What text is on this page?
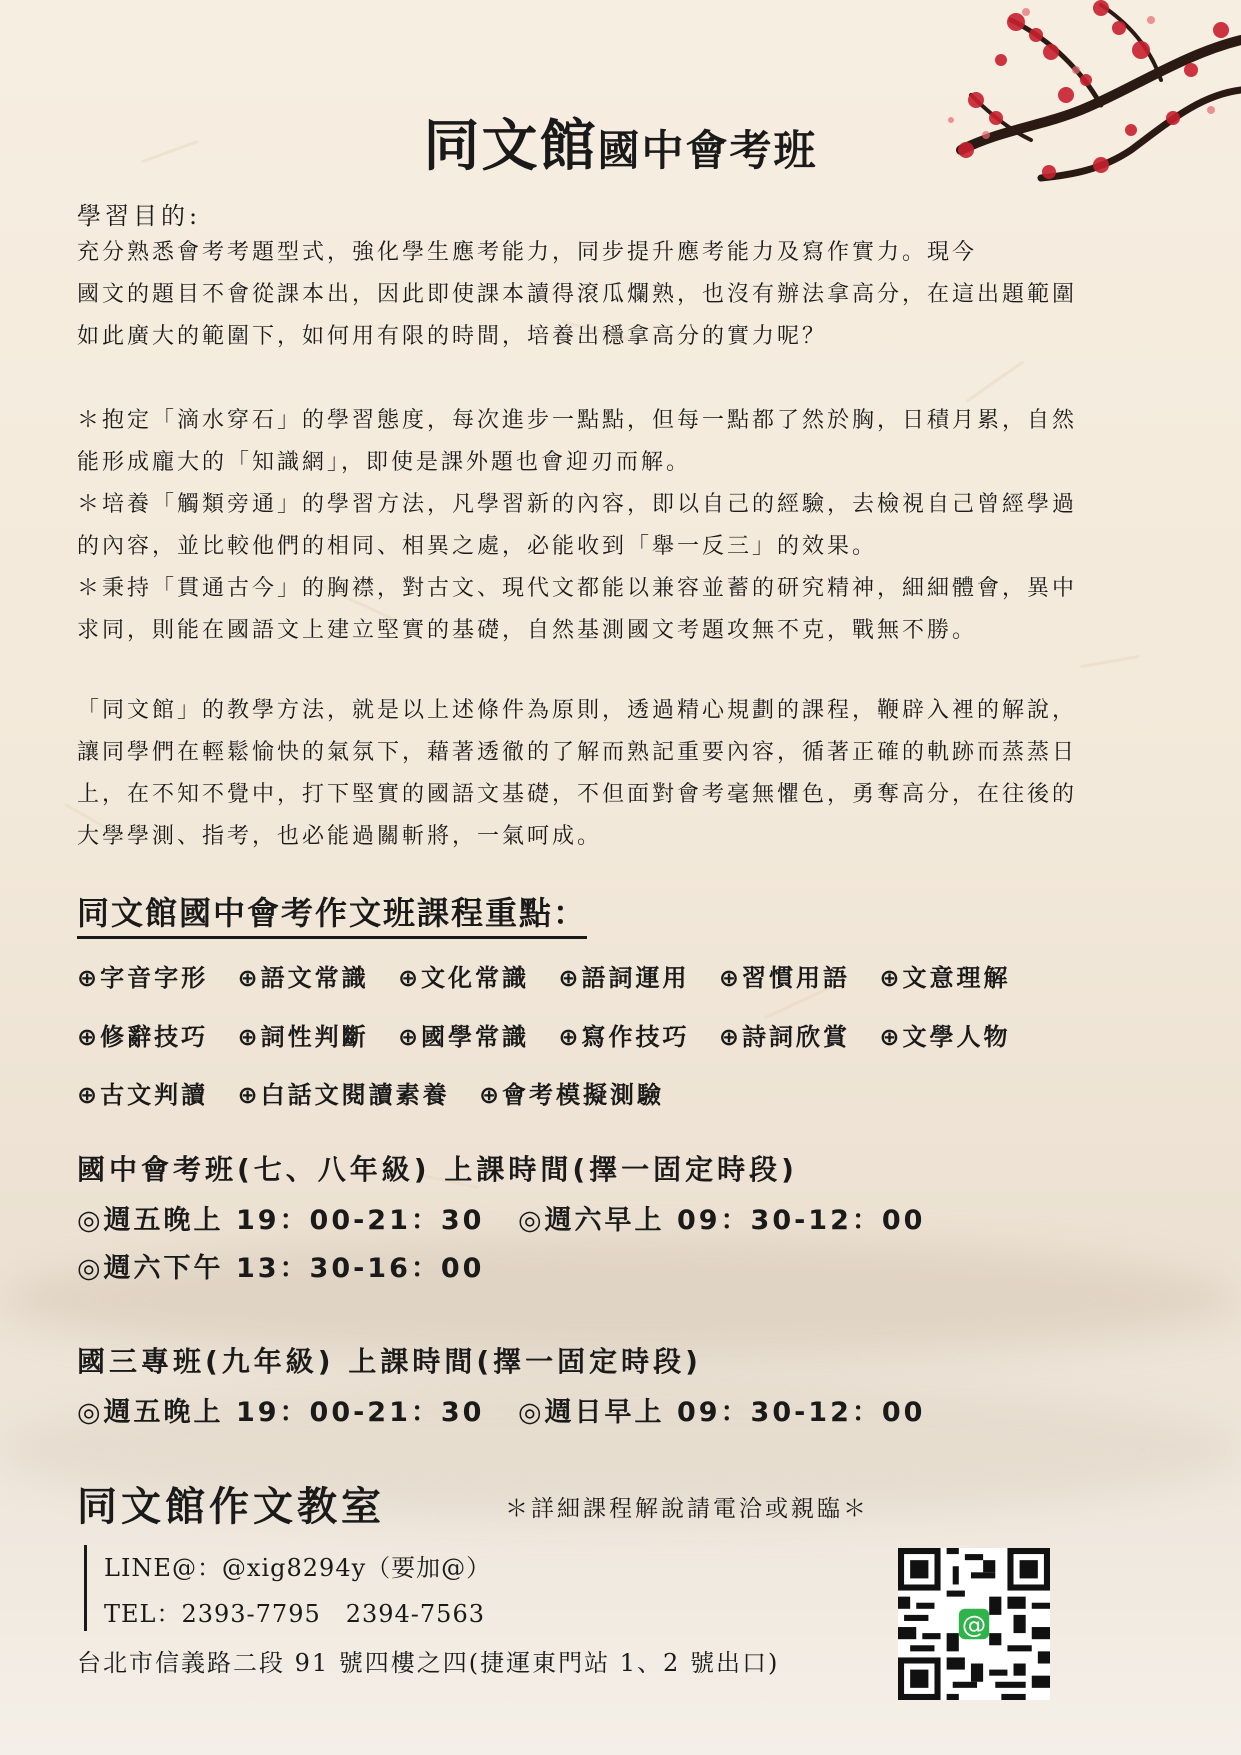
同文館國中會考班
學習目的:

充分熟悉會考考題型式，強化學生應考能力，同步提升應考能力及寫作實力。現今
國文的題目不會從課本出，因此即使課本讀得滾瓜爛熟，也沒有辦法拿高分，在這出題範圍
如此廣大的範圍下，如何用有限的時間，培養出穩拿高分的實力呢？

＊抱定「滴水穿石」的學習態度，每次進步一點點，但每一點都了然於胸，日積月累，自然
能形成龐大的「知識網」，即使是課外題也會迎刃而解。
＊培養「觸類旁通」的學習方法，凡學習新的內容，即以自己的經驗，去檢視自己曾經學過
的內容，並比較他們的相同、相異之處，必能收到「舉一反三」的效果。
＊秉持「貫通古今」的胸襟，對古文、現代文都能以兼容並蓄的研究精神，細細體會，異中
求同，則能在國語文上建立堅實的基礎，自然基測國文考題攻無不克，戰無不勝。

「同文館」的教學方法，就是以上述條件為原則，透過精心規劃的課程，鞭辟入裡的解說，
讓同學們在輕鬆愉快的氣氛下，藉著透徹的了解而熟記重要內容，循著正確的軌跡而蒸蒸日
上，在不知不覺中，打下堅實的國語文基礎，不但面對會考毫無懼色，勇奪高分，在往後的
大學學測、指考，也必能過關斬將，一氣呵成。

同文館國中會考作文班課程重點：
⊕字音字形 ⊕語文常識 ⊕文化常識 ⊕語詞運用 ⊕習慣用語 ⊕文意理解
⊕修辭技巧 ⊕詞性判斷 ⊕國學常識 ⊕寫作技巧 ⊕詩詞欣賞 ⊕文學人物
⊕古文判讀 ⊕白話文閱讀素養 ⊕會考模擬測驗
國中會考班(七、八年級) 上課時間(擇一固定時段)
◎週五晚上 19：00-21：30 ◎週六早上 09：30-12：00
◎週六下午 13：30-16：00
國三專班(九年級) 上課時間(擇一固定時段)
◎週五晚上 19：00-21：30 ◎週日早上 09：30-12：00
同文館作文教室	＊詳細課程解說請電洽或親臨＊
LINE@：@xig8294y（要加@）
TEL：2393-7795　2394-7563
台北市信義路二段 91 號四樓之四(捷運東門站 1、2 號出口)
@
